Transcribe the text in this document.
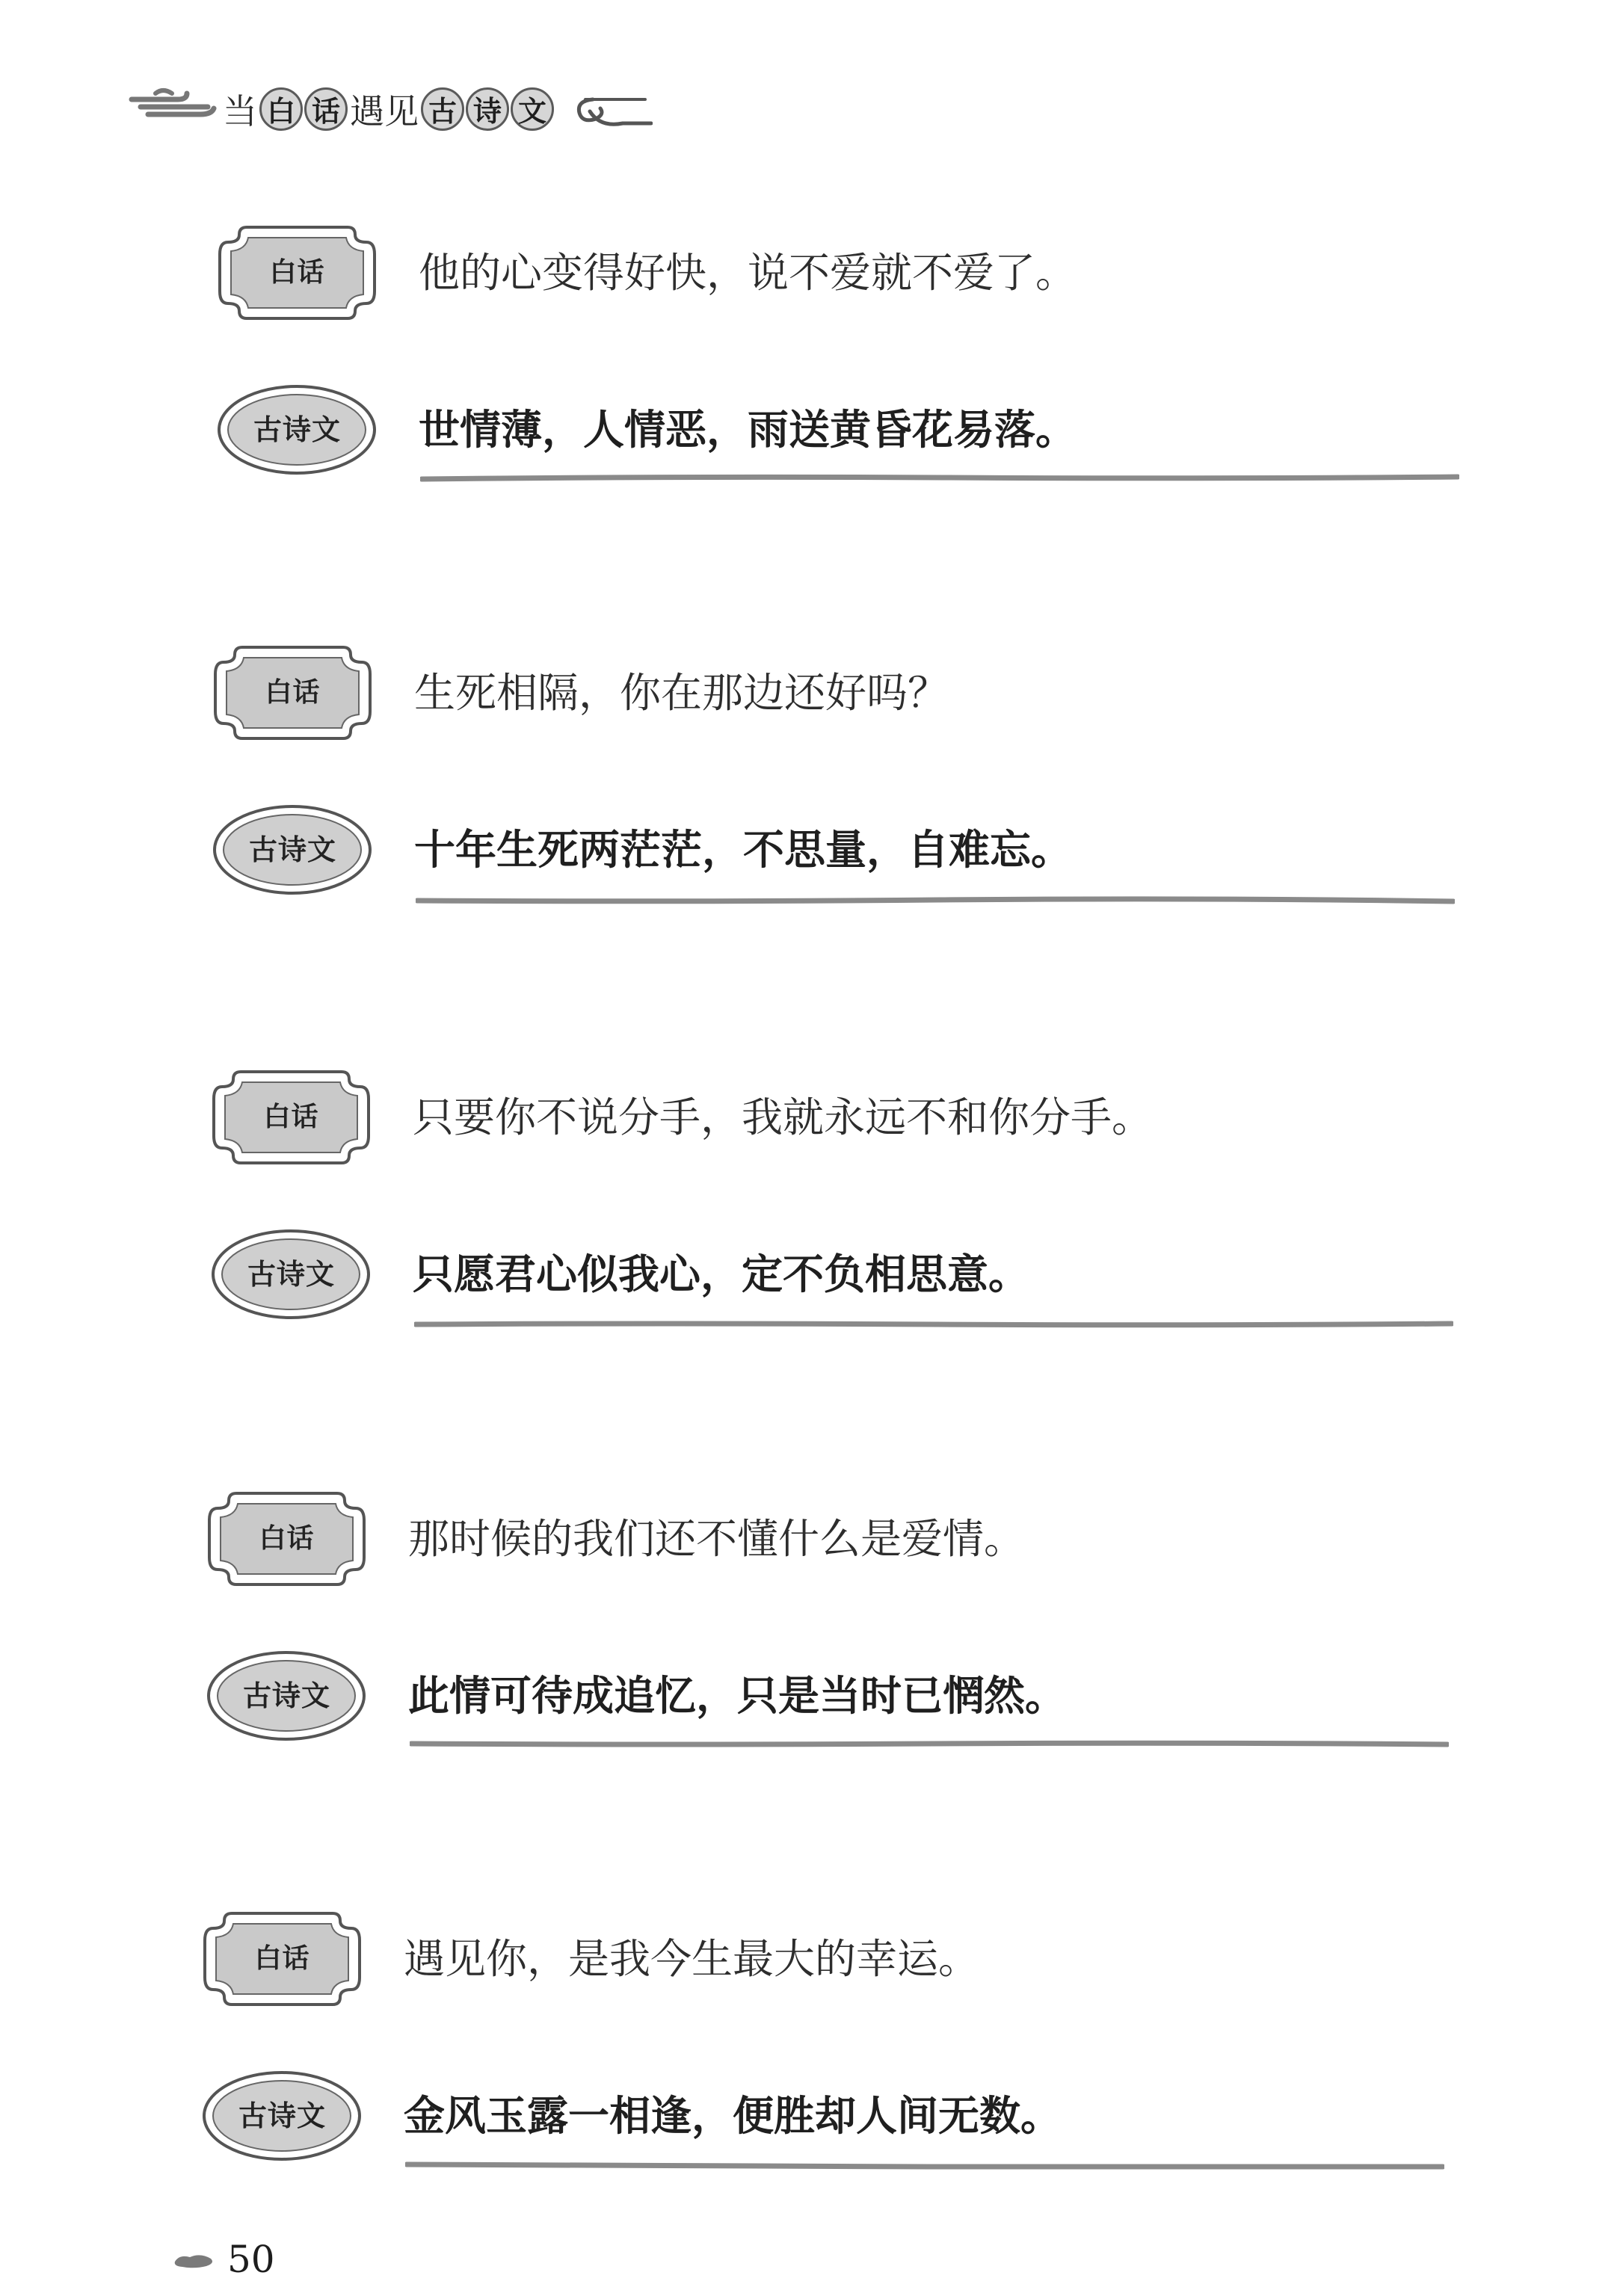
当 白 话 遇见 古 诗 文
白话	他的心变得好快，说不爱就不爱了。
古诗文	世情薄，人情恶，雨送黄昏花易落。
白话	生死相隔，你在那边还好吗？
古诗文	十年生死两茫茫，不思量，自难忘。
白话	只要你不说分手，我就永远不和你分手。
古诗文	只愿君心似我心，定不负相思意。
白话	那时候的我们还不懂什么是爱情。
古诗文	此情可待成追忆，只是当时已惘然。
白话	遇见你，是我今生最大的幸运。
古诗文	金风玉露一相逢，便胜却人间无数。
50
